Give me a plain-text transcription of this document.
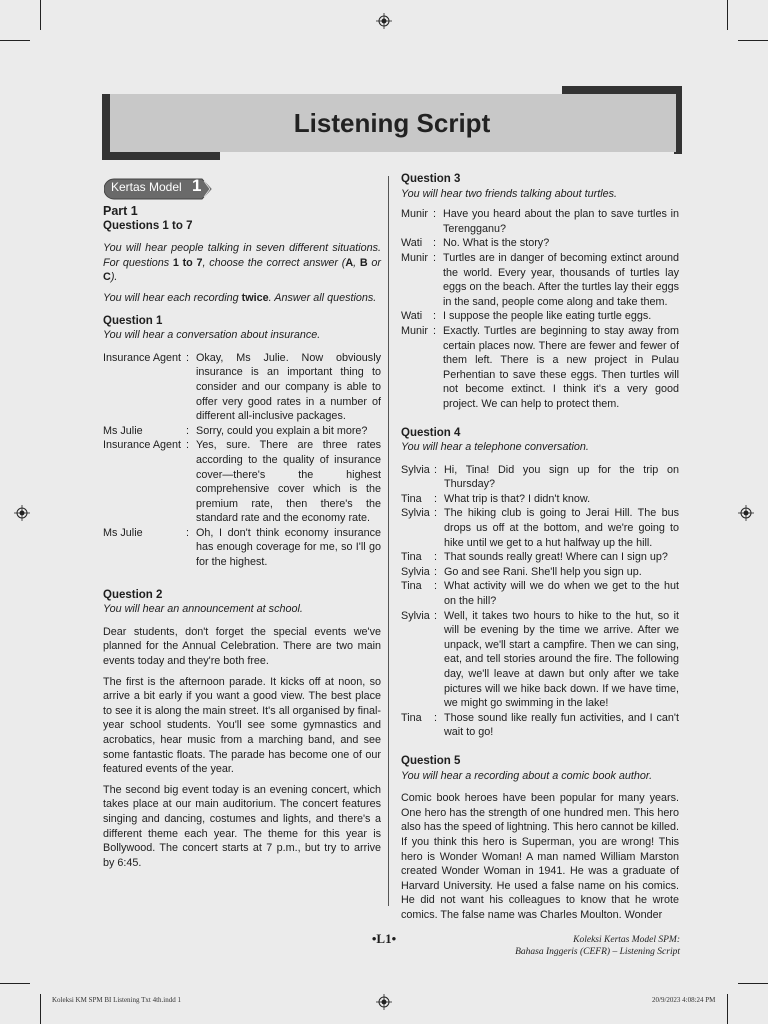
Listening Script
Kertas Model 1

Part 1

Questions 1 to 7

You will hear people talking in seven different situations. For questions 1 to 7, choose the correct answer (A, B or C).

You will hear each recording twice. Answer all questions.

Question 1

You will hear a conversation about insurance.

Insurance Agent : Okay, Ms Julie. Now obviously insurance is an important thing to consider and our company is able to offer very good rates in a number of different all-inclusive packages.
Ms Julie	: Sorry, could you explain a bit more?
Insurance Agent : Yes, sure. There are three rates according to the quality of insurance cover—there's the highest comprehensive cover which is the premium rate, then there's the standard rate and the economy rate.
Ms Julie	: Oh, I don't think economy insurance has enough coverage for me, so I'll go for the highest.

Question 2

You will hear an announcement at school.

Dear students, don't forget the special events we've planned for the Annual Celebration. There are two main events today and they're both free.

The first is the afternoon parade. It kicks off at noon, so arrive a bit early if you want a good view. The best place to see it is along the main street. It's all organised by final-year school students. You'll see some gymnastics and acrobatics, hear music from a marching band, and see some fantastic floats. The parade has become one of our featured events of the year.

The second big event today is an evening concert, which takes place at our main auditorium. The concert features singing and dancing, costumes and lights, and there's a different theme each year. The theme for this year is Bollywood. The concert starts at 7 p.m., but try to arrive by 6:45.

Question 3

You will hear two friends talking about turtles.

Munir : Have you heard about the plan to save turtles in Terengganu?
Wati : No. What is the story?
Munir : Turtles are in danger of becoming extinct around the world. Every year, thousands of turtles lay eggs on the beach. After the turtles lay their eggs in the sand, people come along and take them.
Wati : I suppose the people like eating turtle eggs.
Munir : Exactly. Turtles are beginning to stay away from certain places now. There are fewer and fewer of them left. There is a new project in Pulau Perhentian to save these eggs. Then turtles will not become extinct. I think it's a very good project. We can help to protect them.

Question 4

You will hear a telephone conversation.

Sylvia : Hi, Tina! Did you sign up for the trip on Thursday?
Tina	: What trip is that? I didn't know.
Sylvia : The hiking club is going to Jerai Hill. The bus drops us off at the bottom, and we're going to hike until we get to a hut halfway up the hill.
Tina	: That sounds really great! Where can I sign up?
Sylvia : Go and see Rani. She'll help you sign up.
Tina	: What activity will we do when we get to the hut on the hill?
Sylvia : Well, it takes two hours to hike to the hut, so it will be evening by the time we arrive. After we unpack, we'll start a campfire. Then we can sing, eat, and tell stories around the fire. The following day, we'll leave at dawn but only after we take pictures will we hike back down. If we have time, we might go swimming in the lake!
Tina	: Those sound like really fun activities, and I can't wait to go!

Question 5

You will hear a recording about a comic book author.

Comic book heroes have been popular for many years. One hero has the strength of one hundred men. This hero also has the speed of lightning. This hero cannot be killed. If you think this hero is Superman, you are wrong! This hero is Wonder Woman! A man named William Marston created Wonder Woman in 1941. He was a graduate of Harvard University. He used a false name on his comics. He did not want his colleagues to know that he wrote comics. The false name was Charles Moulton. Wonder

•L1•	Koleksi Kertas Model SPM:
Bahasa Inggeris (CEFR) – Listening Script
Koleksi KM SPM BI Listening Txt 4th.indd 1	20/9/2023 4:08:24 PM
